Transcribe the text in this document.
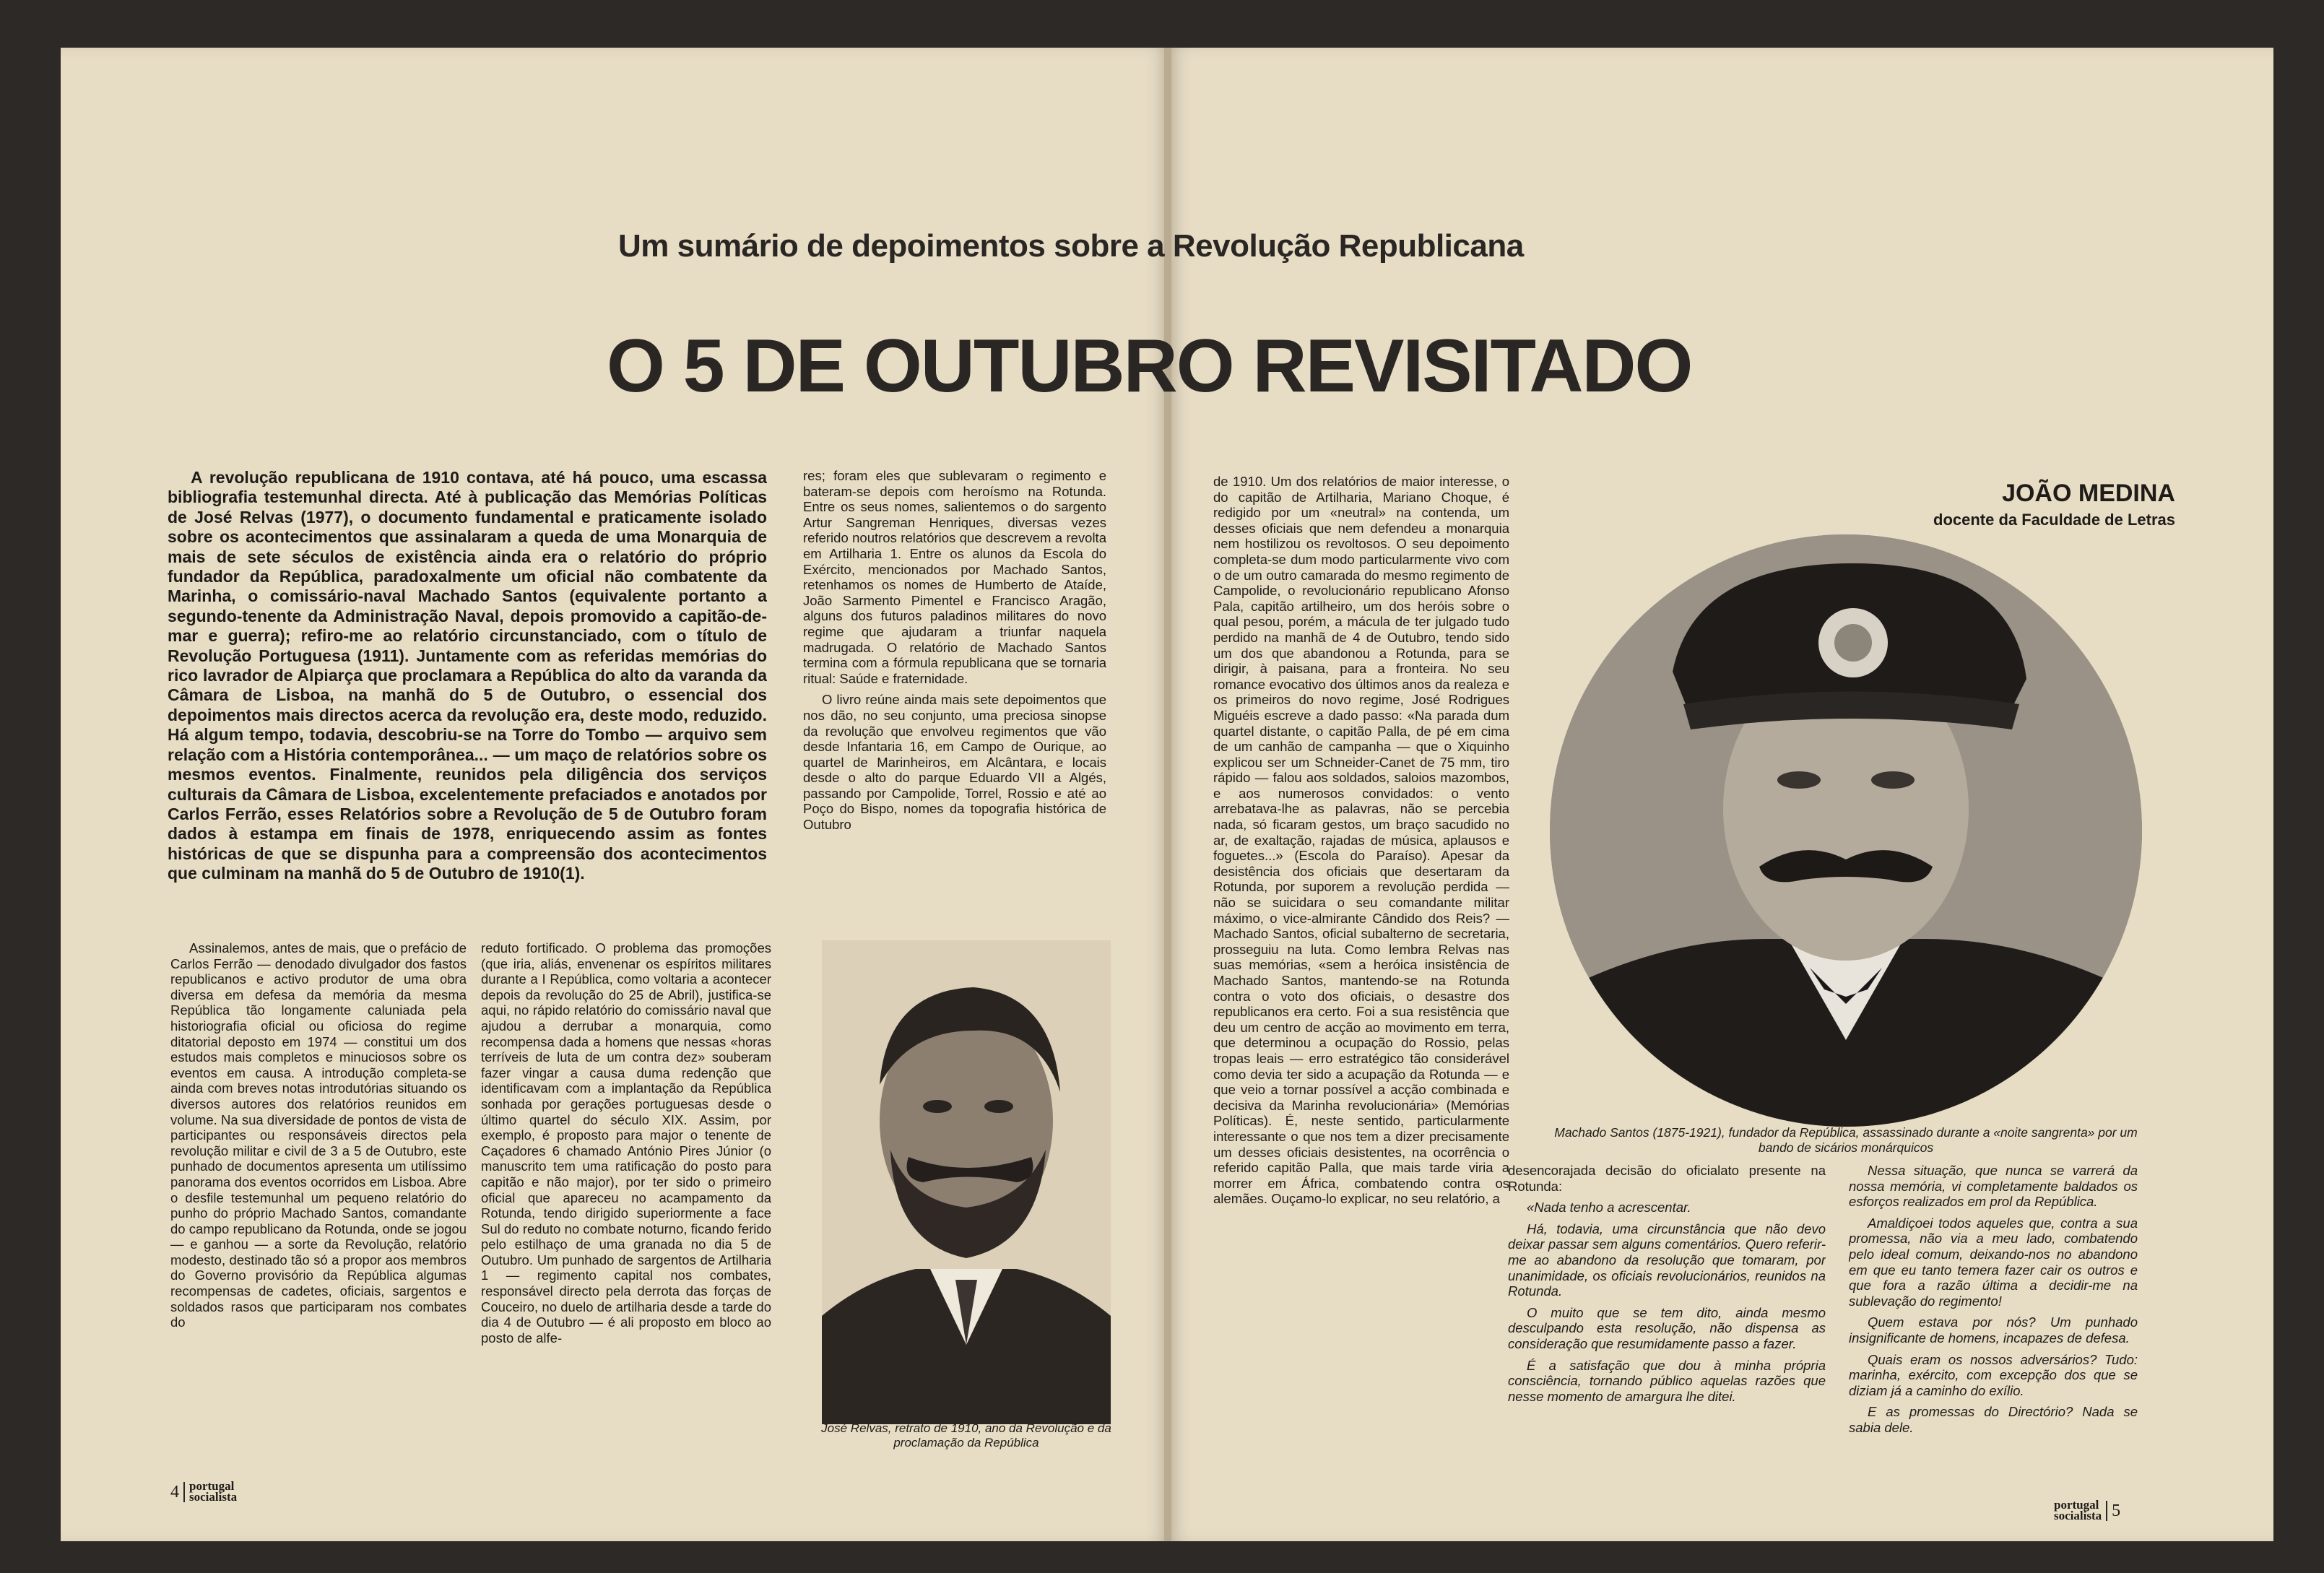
Um sumário de depoimentos sobre a Revolução Republicana
O 5 DE OUTUBRO REVISITADO
JOÃO MEDINA
docente da Faculdade de Letras
A revolução republicana de 1910 contava, até há pouco, uma escassa bibliografia testemunhal directa. Até à publicação das Memórias Políticas de José Relvas (1977), o documento fundamental e praticamente isolado sobre os acontecimentos que assinalaram a queda de uma Monarquia de mais de sete séculos de existência ainda era o relatório do próprio fundador da República, paradoxalmente um oficial não combatente da Marinha, o comissário-naval Machado Santos (equivalente portanto a segundo-tenente da Administração Naval, depois promovido a capitão-de-mar e guerra); refiro-me ao relatório circunstanciado, com o título de Revolução Portuguesa (1911). Juntamente com as referidas memórias do rico lavrador de Alpiarça que proclamara a República do alto da varanda da Câmara de Lisboa, na manhã do 5 de Outubro, o essencial dos depoimentos mais directos acerca da revolução era, deste modo, reduzido. Há algum tempo, todavia, descobriu-se na Torre do Tombo — arquivo sem relação com a História contemporânea... — um maço de relatórios sobre os mesmos eventos. Finalmente, reunidos pela diligência dos serviços culturais da Câmara de Lisboa, excelentemente prefaciados e anotados por Carlos Ferrão, esses Relatórios sobre a Revolução de 5 de Outubro foram dados à estampa em finais de 1978, enriquecendo assim as fontes históricas de que se dispunha para a compreensão dos acontecimentos que culminam na manhã do 5 de Outubro de 1910(1).

Assinalemos, antes de mais, que o prefácio de Carlos Ferrão — denodado divulgador dos fastos republicanos e activo produtor de uma obra diversa em defesa da memória da mesma República tão longamente caluniada pela historiografia oficial ou oficiosa do regime ditatorial deposto em 1974 — constitui um dos estudos mais completos e minuciosos sobre os eventos em causa. A introdução completa-se ainda com breves notas introdutórias situando os diversos autores dos relatórios reunidos em volume. Na sua diversidade de pontos de vista de participantes ou responsáveis directos pela revolução militar e civil de 3 a 5 de Outubro, este punhado de documentos apresenta um utilíssimo panorama dos eventos ocorridos em Lisboa. Abre o desfile testemunhal um pequeno relatório do punho do próprio Machado Santos, comandante do campo republicano da Rotunda, onde se jogou — e ganhou — a sorte da Revolução, relatório modesto, destinado tão só a propor aos membros do Governo provisório da República algumas recompensas de cadetes, oficiais, sargentos e soldados rasos que participaram nos combates do

reduto fortificado. O problema das promoções (que iria, aliás, envenenar os espíritos militares durante a I República, como voltaria a acontecer depois da revolução do 25 de Abril), justifica-se aqui, no rápido relatório do comissário naval que ajudou a derrubar a monarquia, como recompensa dada a homens que nessas «horas terríveis de luta de um contra dez» souberam fazer vingar a causa duma redenção que identificavam com a implantação da República sonhada por gerações portuguesas desde o último quartel do século XIX. Assim, por exemplo, é proposto para major o tenente de Caçadores 6 chamado António Pires Júnior (o manuscrito tem uma ratificação do posto para capitão e não major), por ter sido o primeiro oficial que apareceu no acampamento da Rotunda, tendo dirigido superiormente a face Sul do reduto no combate noturno, ficando ferido pelo estilhaço de uma granada no dia 5 de Outubro. Um punhado de sargentos de Artilharia 1 — regimento capital nos combates, responsável directo pela derrota das forças de Couceiro, no duelo de artilharia desde a tarde do dia 4 de Outubro — é ali proposto em bloco ao posto de alfe-

res; foram eles que sublevaram o regimento e bateram-se depois com heroísmo na Rotunda. Entre os seus nomes, salientemos o do sargento Artur Sangreman Henriques, diversas vezes referido noutros relatórios que descrevem a revolta em Artilharia 1. Entre os alunos da Escola do Exército, mencionados por Machado Santos, retenhamos os nomes de Humberto de Ataíde, João Sarmento Pimentel e Francisco Aragão, alguns dos futuros paladinos militares do novo regime que ajudaram a triunfar naquela madrugada. O relatório de Machado Santos termina com a fórmula republicana que se tornaria ritual: Saúde e fraternidade.

O livro reúne ainda mais sete depoimentos que nos dão, no seu conjunto, uma preciosa sinopse da revolução que envolveu regimentos que vão desde Infantaria 16, em Campo de Ourique, ao quartel de Marinheiros, em Alcântara, e locais desde o alto do parque Eduardo VII a Algés, passando por Campolide, Torrel, Rossio e até ao Poço do Bispo, nomes da topografia histórica de Outubro

José Relvas, retrato de 1910, ano da Revolução e da proclamação da República

de 1910. Um dos relatórios de maior interesse, o do capitão de Artilharia, Mariano Choque, é redigido por um «neutral» na contenda, um desses oficiais que nem defendeu a monarquia nem hostilizou os revoltosos. O seu depoimento completa-se dum modo particularmente vivo com o de um outro camarada do mesmo regimento de Campolide, o revolucionário republicano Afonso Pala, capitão artilheiro, um dos heróis sobre o qual pesou, porém, a mácula de ter julgado tudo perdido na manhã de 4 de Outubro, tendo sido um dos que abandonou a Rotunda, para se dirigir, à paisana, para a fronteira. No seu romance evocativo dos últimos anos da realeza e os primeiros do novo regime, José Rodrigues Miguéis escreve a dado passo: «Na parada dum quartel distante, o capitão Palla, de pé em cima de um canhão de campanha — que o Xiquinho explicou ser um Schneider-Canet de 75 mm, tiro rápido — falou aos soldados, saloios mazombos, e aos numerosos convidados: o vento arrebatava-lhe as palavras, não se percebia nada, só ficaram gestos, um braço sacudido no ar, de exaltação, rajadas de música, aplausos e foguetes...» (Escola do Paraíso). Apesar da desistência dos oficiais que desertaram da Rotunda, por suporem a revolução perdida — não se suicidara o seu comandante militar máximo, o vice-almirante Cândido dos Reis? — Machado Santos, oficial subalterno de secretaria, prosseguiu na luta. Como lembra Relvas nas suas memórias, «sem a heróica insistência de Machado Santos, mantendo-se na Rotunda contra o voto dos oficiais, o desastre dos republicanos era certo. Foi a sua resistência que deu um centro de acção ao movimento em terra, que determinou a ocupação do Rossio, pelas tropas leais — erro estratégico tão considerável como devia ter sido a acupação da Rotunda — e que veio a tornar possível a acção combinada e decisiva da Marinha revolucionária» (Memórias Políticas). É, neste sentido, particularmente interessante o que nos tem a dizer precisamente um desses oficiais desistentes, na ocorrência o referido capitão Palla, que mais tarde viria a morrer em África, combatendo contra os alemães. Ouçamo-lo explicar, no seu relatório, a

Machado Santos (1875-1921), fundador da República, assassinado durante a «noite sangrenta» por um bando de sicários monárquicos

desencorajada decisão do oficialato presente na Rotunda:

«Nada tenho a acrescentar.

Há, todavia, uma circunstância que não devo deixar passar sem alguns comentários. Quero referir-me ao abandono da resolução que tomaram, por unanimidade, os oficiais revolucionários, reunidos na Rotunda.

O muito que se tem dito, ainda mesmo desculpando esta resolução, não dispensa as consideração que resumidamente passo a fazer.

É a satisfação que dou à minha própria consciência, tornando público aquelas razões que nesse momento de amargura lhe ditei.

Nessa situação, que nunca se varrerá da nossa memória, vi completamente baldados os esforços realizados em prol da República.

Amaldiçoei todos aqueles que, contra a sua promessa, não via a meu lado, combatendo pelo ideal comum, deixando-nos no abandono em que eu tanto temera fazer cair os outros e que fora a razão última a decidir-me na sublevação do regimento!

Quem estava por nós? Um punhado insignificante de homens, incapazes de defesa.

Quais eram os nossos adversários? Tudo: marinha, exército, com excepção dos que se diziam já a caminho do exílio.

E as promessas do Directório? Nada se sabia dele.

4 portugal
socialista
portugal
socialista 5
